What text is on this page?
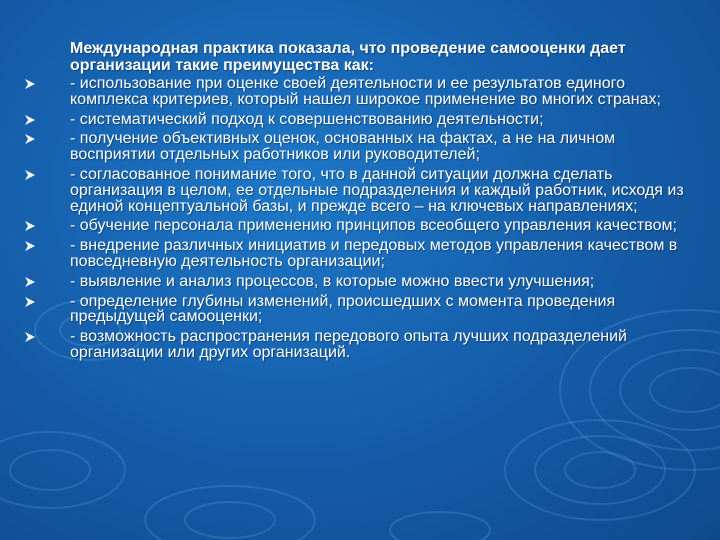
Международная практика показала, что проведение самооценки дает организации такие преимущества как:
- использование при оценке своей деятельности и ее результатов единого комплекса критериев, который нашел широкое применение во многих странах;
- систематический подход к совершенствованию деятельности;
- получение объективных оценок, основанных на фактах, а не на личном восприятии отдельных работников или руководителей;
- согласованное понимание того, что в данной ситуации должна сделать организация в целом, ее отдельные подразделения и каждый работник, исходя из единой концептуальной базы, и прежде всего – на ключевых направлениях;
- обучение персонала применению принципов всеобщего управления качеством;
- внедрение различных инициатив и передовых методов управления качеством в повседневную деятельность организации;
- выявление и анализ процессов, в которые можно ввести улучшения;
- определение глубины изменений, происшедших с момента проведения предыдущей самооценки;
- возможность распространения передового опыта лучших подразделений организации или других организаций.
